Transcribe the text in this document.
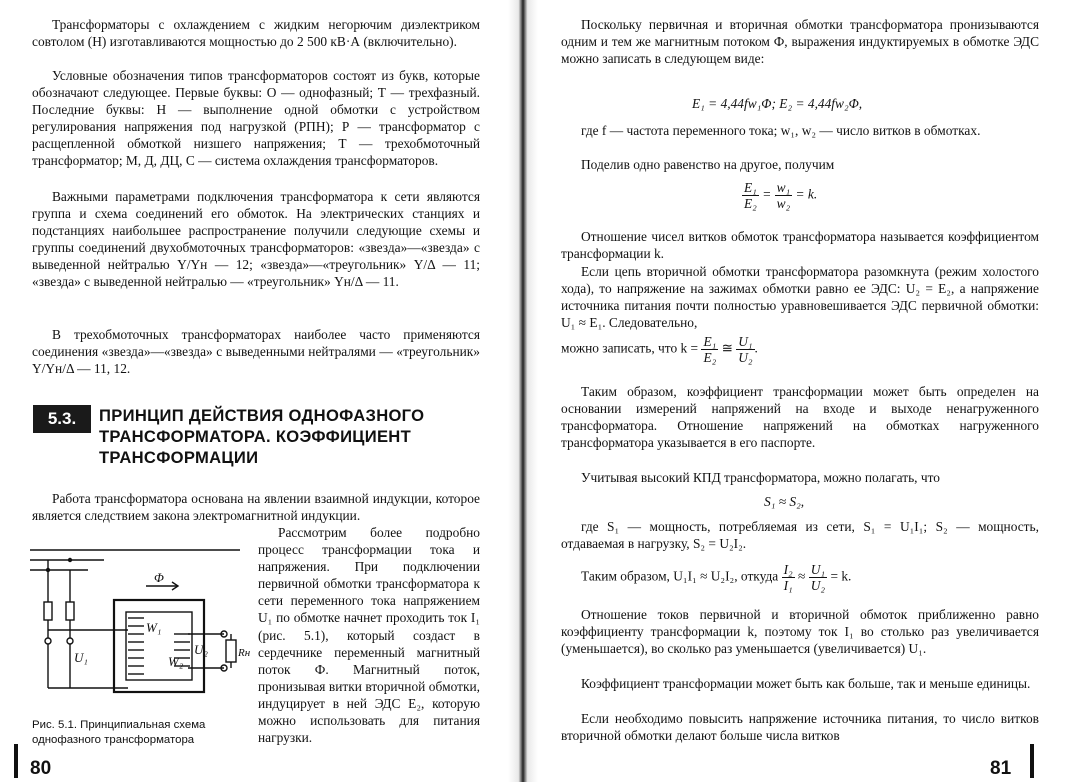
Трансформаторы с охлаждением с жидким негорючим диэлектриком совтолом (Н) изготавливаются мощностью до 2 500 кВ·А (включительно).

Условные обозначения типов трансформаторов состоят из букв, которые обозначают следующее. Первые буквы: О — однофазный; Т — трехфазный. Последние буквы: Н — выполнение одной обмотки с устройством регулирования напряжения под нагрузкой (РПН); Р — трансформатор с расщепленной обмоткой низшего напряжения; Т — трехобмоточный трансформатор; М, Д, ДЦ, С — система охлаждения трансформаторов.

Важными параметрами подключения трансформатора к сети являются группа и схема соединений его обмоток. На электрических станциях и подстанциях наибольшее распространение получили следующие схемы и группы соединений двухобмоточных трансформаторов: «звезда»—«звезда» с выведенной нейтралью Y/Yн — 12; «звезда»—«треугольник» Y/Δ — 11; «звезда» с выведенной нейтралью — «треугольник» Yн/Δ — 11.

В трехобмоточных трансформаторах наиболее часто применяются соединения «звезда»—«звезда» с выведенными нейтралями — «треугольник» Y/Yн/Δ — 11, 12.

5.3.	ПРИНЦИП ДЕЙСТВИЯ ОДНОФАЗНОГО
ТРАНСФОРМАТОРА. КОЭФФИЦИЕНТ
ТРАНСФОРМАЦИИ

Работа трансформатора основана на явлении взаимной индукции, которое является следствием закона электромагнитной индукции.

Φ
U₁
W₁
W₂
U₂	Rн

Рассмотрим более подробно процесс трансформации тока и напряжения. При подключении первичной обмотки трансформатора к сети переменного тока напряжением U₁ по обмотке начнет проходить ток I₁ (рис. 5.1), который создаст в сердечнике переменный магнитный поток Ф. Магнитный поток, пронизывая витки вторичной обмотки, индуцирует в ней ЭДС E₂, которую можно использовать для питания нагрузки.

Рис. 5.1. Принципиальная схема однофазного трансформатора
80

Поскольку первичная и вторичная обмотки трансформатора пронизываются одним и тем же магнитным потоком Ф, выражения индуктируемых в обмотке ЭДС можно записать в следующем виде:

E₁ = 4,44fw₁Φ; E₂ = 4,44fw₂Φ,

где f — частота переменного тока; w₁, w₂ — число витков в обмотках.

Поделив одно равенство на другое, получим

$\frac{\text{E₁}}{\text{E₂}} = \frac{\text{w₁}}{\text{w₂}} = k$.

Отношение чисел витков обмоток трансформатора называется коэффициентом трансформации k.

Если цепь вторичной обмотки трансформатора разомкнута (режим холостого хода), то напряжение на зажимах обмотки равно ее ЭДС: U₂ = E₂, а напряжение источника питания почти полностью уравновешивается ЭДС первичной обмотки: U₁ ≈ E₁. Следовательно,

можно записать, что $k = \frac{\text{E₁}}{\text{E₂}}$ ≅ $\frac{\text{U₁}}{\text{U₂}}$ .

Таким образом, коэффициент трансформации может быть определен на основании измерений напряжений на входе и выходе ненагруженного трансформатора. Отношение напряжений на обмотках нагруженного трансформатора указывается в его паспорте.

Учитывая высокий КПД трансформатора, можно полагать, что

S₁ ≈ S₂,

где S₁ — мощность, потребляемая из сети, S₁ = U₁I₁; S₂ — мощность, отдаваемая в нагрузку, S₂ = U₂I₂.

Таким образом, U₁I₁ ≈ U₂I₂, откуда $\frac{\text{I₂}}{\text{I₁}} \approx \frac{\text{U₁}}{\text{U₂}} = k$.

Отношение токов первичной и вторичной обмоток приближенно равно коэффициенту трансформации k, поэтому ток I₁ во столько раз увеличивается (уменьшается), во сколько раз уменьшается (увеличивается) U₁.

Коэффициент трансформации может быть как больше, так и меньше единицы.

Если необходимо повысить напряжение источника питания, то число витков вторичной обмотки делают больше числа витков

81
